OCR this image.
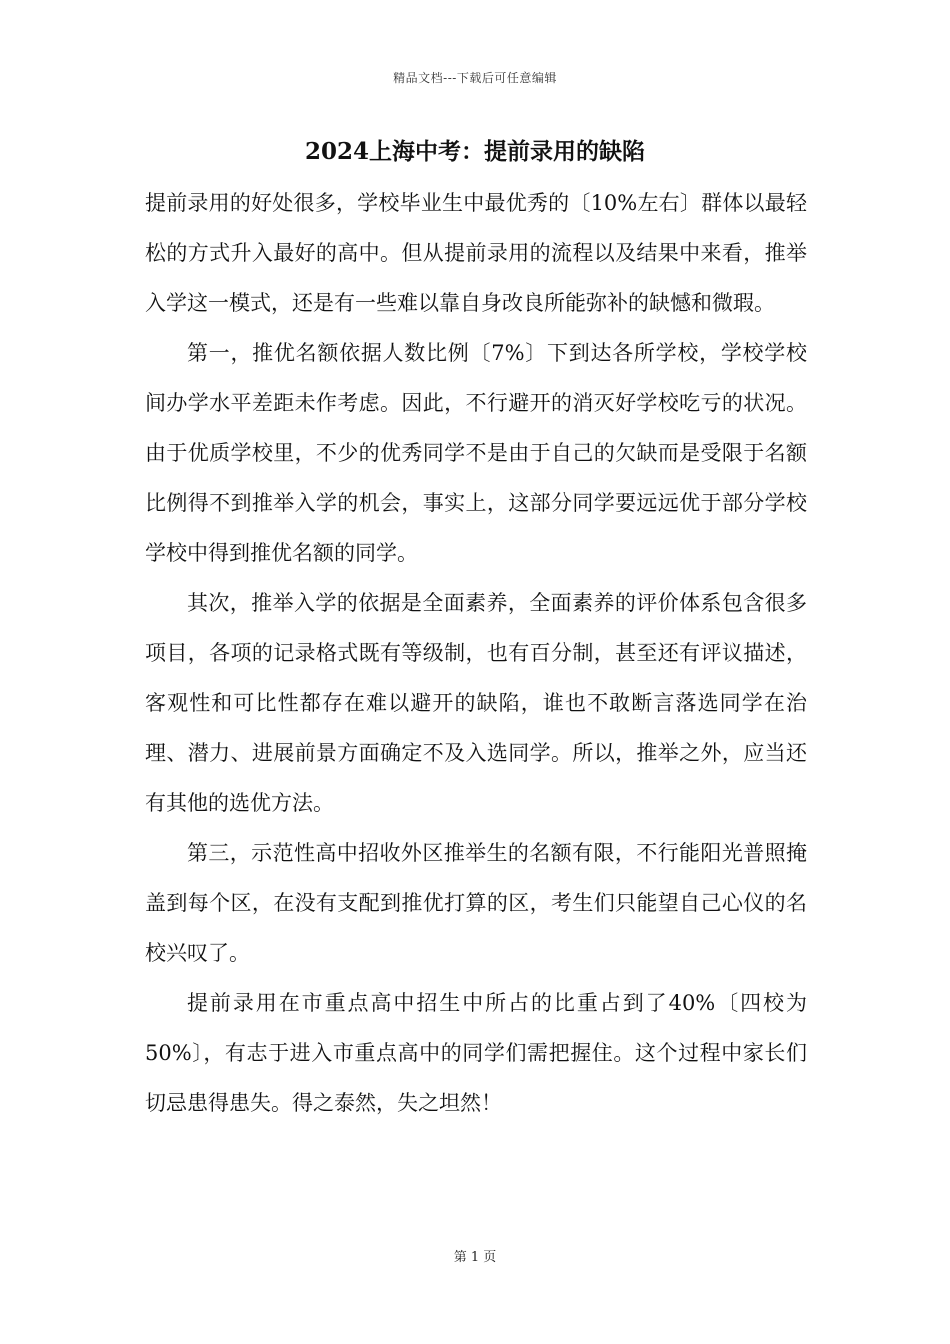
精品文档---下载后可任意编辑
2024上海中考：提前录用的缺陷

提前录用的好处很多，学校毕业生中最优秀的〔10%左右〕群体以最轻松的方式升入最好的高中。但从提前录用的流程以及结果中来看，推举入学这一模式，还是有一些难以靠自身改良所能弥补的缺憾和微瑕。

第一，推优名额依据人数比例〔7%〕下到达各所学校，学校学校间办学水平差距未作考虑。因此，不行避开的消灭好学校吃亏的状况。由于优质学校里，不少的优秀同学不是由于自己的欠缺而是受限于名额比例得不到推举入学的机会，事实上，这部分同学要远远优于部分学校学校中得到推优名额的同学。

其次，推举入学的依据是全面素养，全面素养的评价体系包含很多项目，各项的记录格式既有等级制，也有百分制，甚至还有评议描述，客观性和可比性都存在难以避开的缺陷，谁也不敢断言落选同学在治理、潜力、进展前景方面确定不及入选同学。所以，推举之外，应当还有其他的选优方法。

第三，示范性高中招收外区推举生的名额有限，不行能阳光普照掩盖到每个区，在没有支配到推优打算的区，考生们只能望自己心仪的名校兴叹了。

提前录用在市重点高中招生中所占的比重占到了40%〔四校为50%〕，有志于进入市重点高中的同学们需把握住。这个过程中家长们切忌患得患失。得之泰然，失之坦然！

第 1 页
